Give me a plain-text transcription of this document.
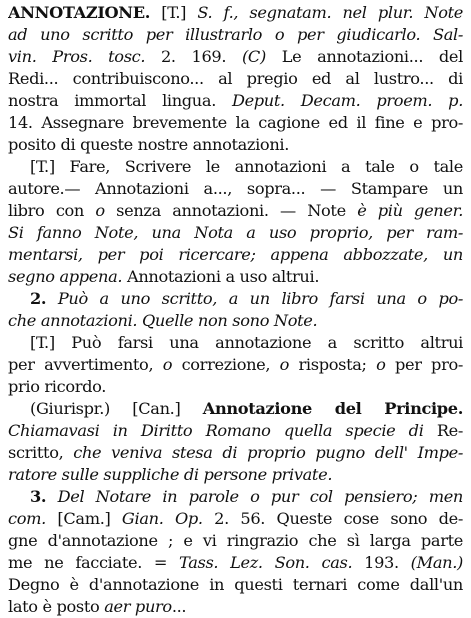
ANNOTAZIONE. [T.] S. f., segnatam. nel plur. Note
ad uno scritto per illustrarlo o per giudicarlo. Sal-
vin. Pros. tosc. 2. 169. (C) Le annotazioni... del
Redi... contribuiscono... al pregio ed al lustro... di
nostra immortal lingua. Deput. Decam. proem. p.
14. Assegnare brevemente la cagione ed il fine e pro-
posito di queste nostre annotazioni.
[T.] Fare, Scrivere le annotazioni a tale o tale
autore.— Annotazioni a..., sopra... — Stampare un
libro con o senza annotazioni. — Note è più gener.
Si fanno Note, una Nota a uso proprio, per ram-
mentarsi, per poi ricercare; appena abbozzate, un
segno appena. Annotazioni a uso altrui.
2. Può a uno scritto, a un libro farsi una o po-
che annotazioni. Quelle non sono Note.
[T.] Può farsi una annotazione a scritto altrui
per avvertimento, o correzione, o risposta; o per pro-
prio ricordo.
(Giurispr.) [Can.] Annotazione del Principe.
Chiamavasi in Diritto Romano quella specie di Re-
scritto, che veniva stesa di proprio pugno dell' Impe-
ratore sulle suppliche di persone private.
3. Del Notare in parole o pur col pensiero; men
com. [Cam.] Gian. Op. 2. 56. Queste cose sono de-
gne d'annotazione ; e vi ringrazio che sì larga parte
me ne facciate. = Tass. Lez. Son. cas. 193. (Man.)
Degno è d'annotazione in questi ternari come dall'un
lato è posto aer puro...
